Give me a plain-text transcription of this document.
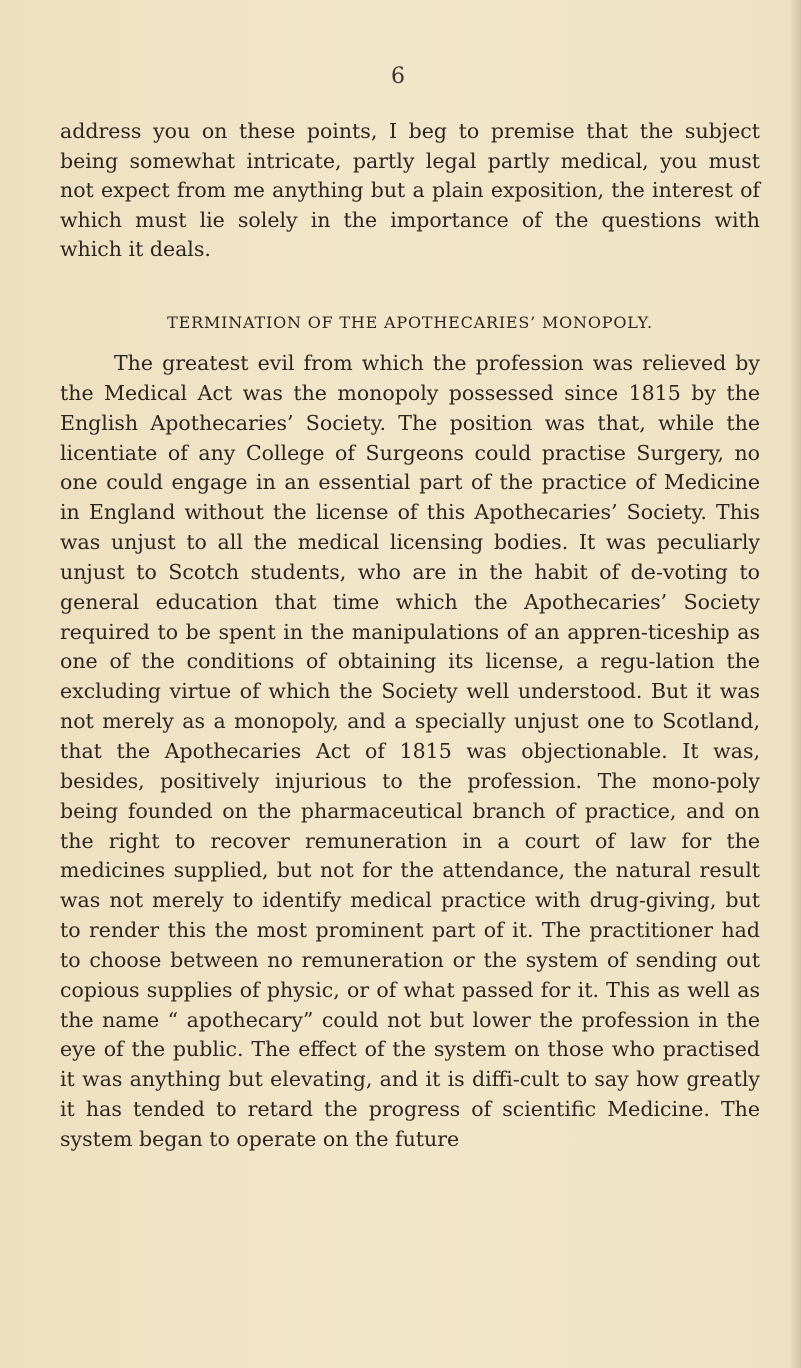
6
address you on these points, I beg to premise that the subject being somewhat intricate, partly legal partly medical, you must not expect from me anything but a plain exposition, the interest of which must lie solely in the importance of the questions with which it deals.
TERMINATION OF THE APOTHECARIES’ MONOPOLY.
The greatest evil from which the profession was relieved by the Medical Act was the monopoly possessed since 1815 by the English Apothecaries’ Society. The position was that, while the licentiate of any College of Surgeons could practise Surgery, no one could engage in an essential part of the practice of Medicine in England without the license of this Apothecaries’ Society. This was unjust to all the medical licensing bodies. It was peculiarly unjust to Scotch students, who are in the habit of de-voting to general education that time which the Apothecaries’ Society required to be spent in the manipulations of an appren-ticeship as one of the conditions of obtaining its license, a regu-lation the excluding virtue of which the Society well understood. But it was not merely as a monopoly, and a specially unjust one to Scotland, that the Apothecaries Act of 1815 was objectionable. It was, besides, positively injurious to the profession. The mono-poly being founded on the pharmaceutical branch of practice, and on the right to recover remuneration in a court of law for the medicines supplied, but not for the attendance, the natural result was not merely to identify medical practice with drug-giving, but to render this the most prominent part of it. The practitioner had to choose between no remuneration or the system of sending out copious supplies of physic, or of what passed for it. This as well as the name “ apothecary” could not but lower the profession in the eye of the public. The effect of the system on those who practised it was anything but elevating, and it is diffi-cult to say how greatly it has tended to retard the progress of scientific Medicine. The system began to operate on the future
